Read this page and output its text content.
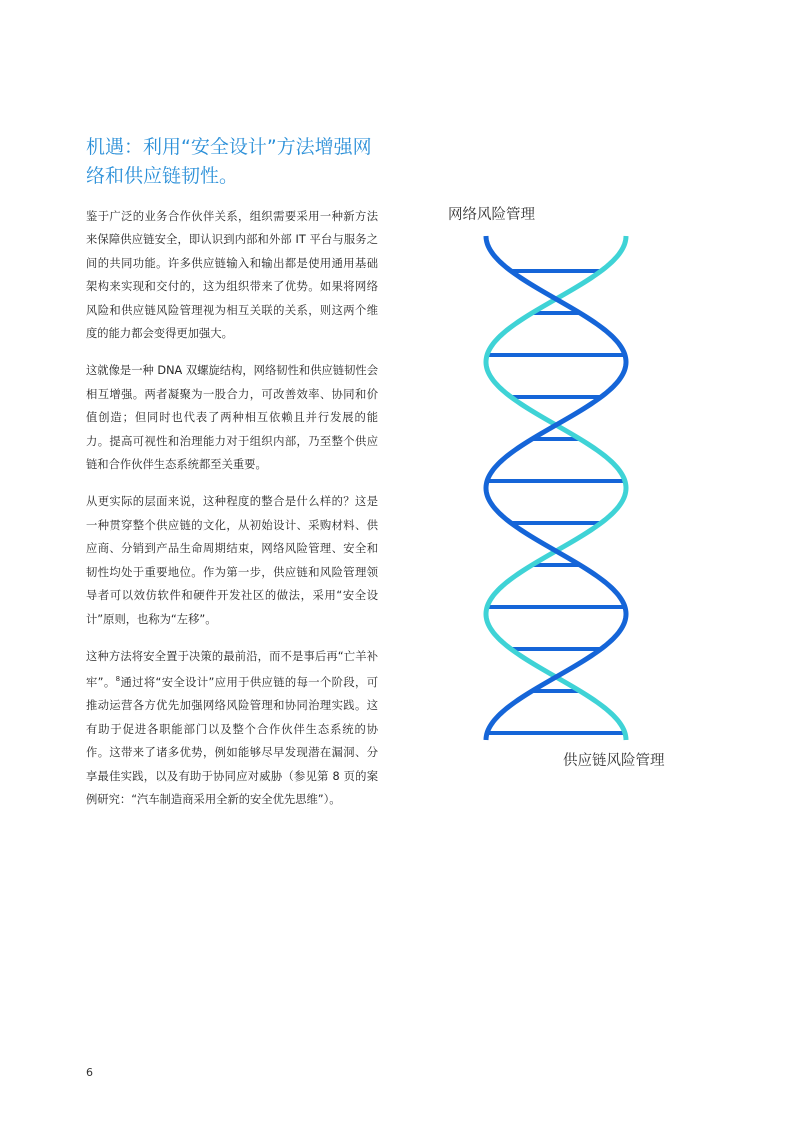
机遇：利用“安全设计”方法增强网络和供应链韧性。

鉴于广泛的业务合作伙伴关系，组织需要采用一种新方法来保障供应链安全，即认识到内部和外部 IT 平台与服务之间的共同功能。许多供应链输入和输出都是使用通用基础架构来实现和交付的，这为组织带来了优势。如果将网络风险和供应链风险管理视为相互关联的关系，则这两个维度的能力都会变得更加强大。

这就像是一种 DNA 双螺旋结构，网络韧性和供应链韧性会相互增强。两者凝聚为一股合力，可改善效率、协同和价值创造；但同时也代表了两种相互依赖且并行发展的能力。提高可视性和治理能力对于组织内部，乃至整个供应链和合作伙伴生态系统都至关重要。

从更实际的层面来说，这种程度的整合是什么样的？这是一种贯穿整个供应链的文化，从初始设计、采购材料、供应商、分销到产品生命周期结束，网络风险管理、安全和韧性均处于重要地位。作为第一步，供应链和风险管理领导者可以效仿软件和硬件开发社区的做法，采用“安全设计”原则，也称为“左移”。

这种方法将安全置于决策的最前沿，而不是事后再“亡羊补牢”。$^8$通过将“安全设计”应用于供应链的每一个阶段，可推动运营各方优先加强网络风险管理和协同治理实践。这有助于促进各职能部门以及整个合作伙伴生态系统的协作。这带来了诸多优势，例如能够尽早发现潜在漏洞、分享最佳实践，以及有助于协同应对威胁（参见第 8 页的案例研究：“汽车制造商采用全新的安全优先思维”）。

网络风险管理
供应链风险管理
6
